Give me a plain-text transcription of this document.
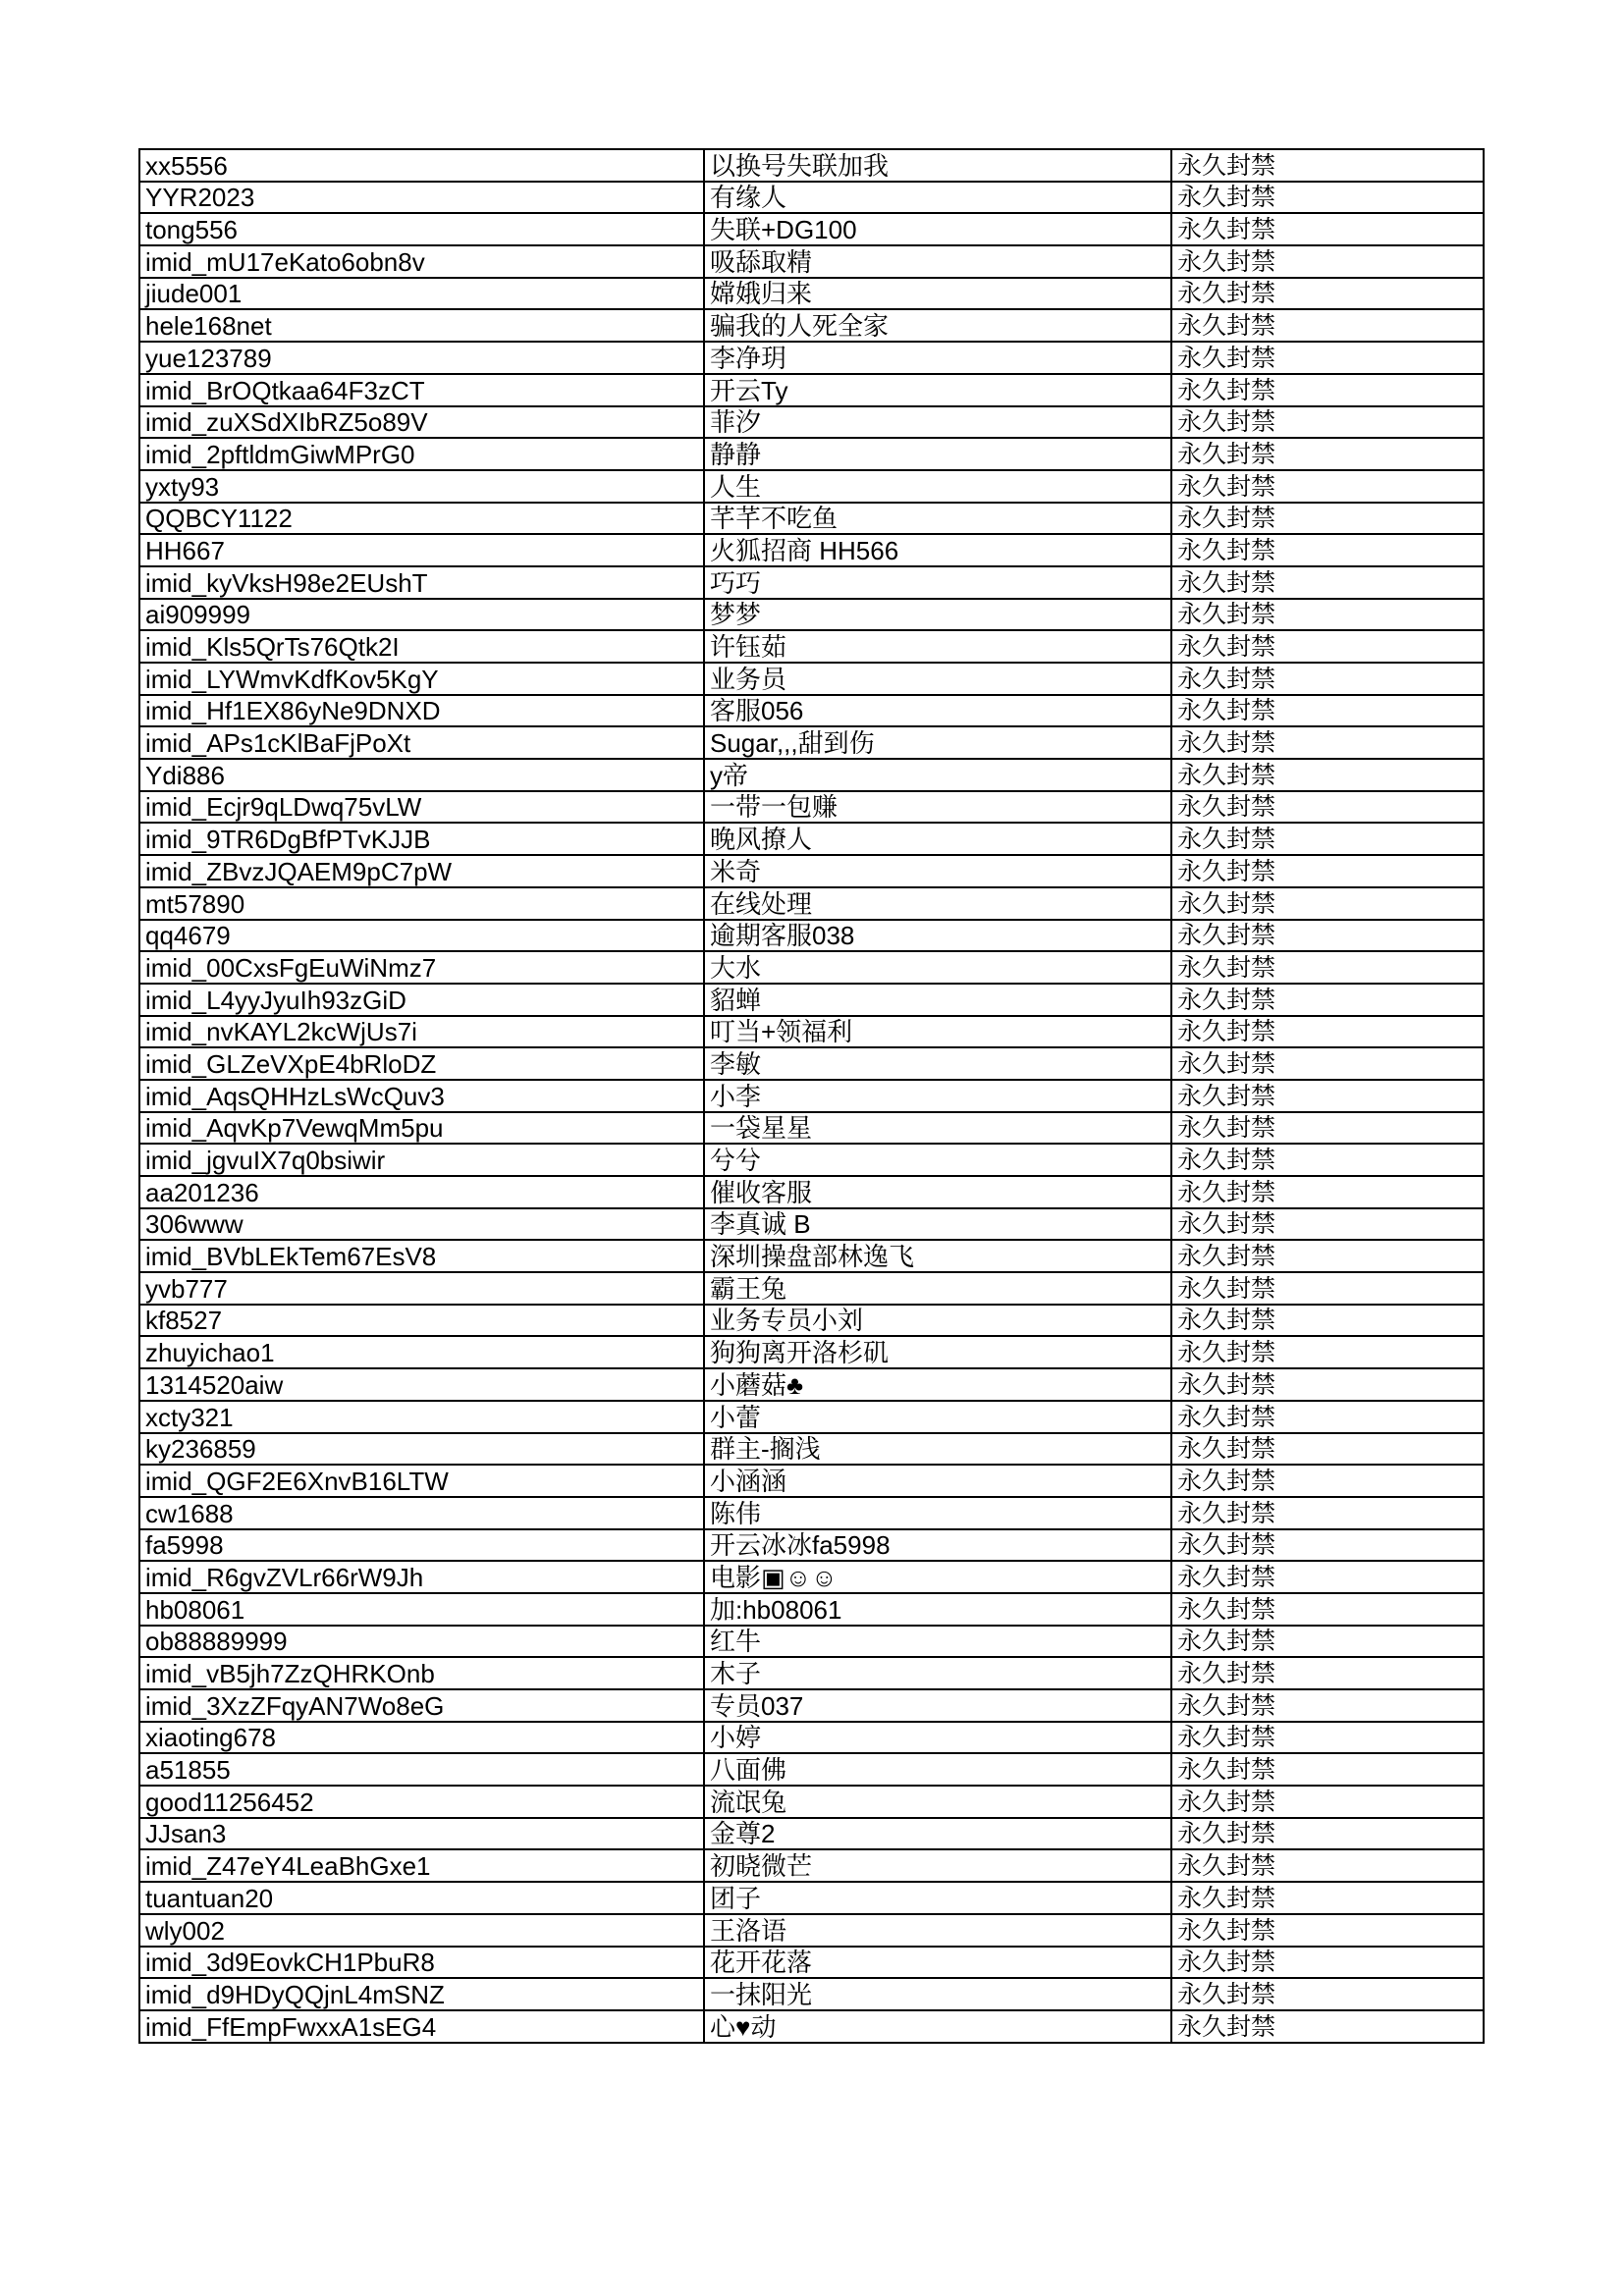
xx5556	以换号失联加我	永久封禁
YYR2023	有缘人	永久封禁
tong556	失联+DG100	永久封禁
imid_mU17eKato6obn8v	吸舔取精	永久封禁
jiude001	嫦娥归来	永久封禁
hele168net	骗我的人死全家	永久封禁
yue123789	李净玥	永久封禁
imid_BrOQtkaa64F3zCT	开云Ty	永久封禁
imid_zuXSdXIbRZ5o89V	菲汐	永久封禁
imid_2pftldmGiwMPrG0	静静	永久封禁
yxty93	人生	永久封禁
QQBCY1122	芊芊不吃鱼	永久封禁
HH667	火狐招商 HH566	永久封禁
imid_kyVksH98e2EUshT	巧巧	永久封禁
ai909999	梦梦	永久封禁
imid_Kls5QrTs76Qtk2I	许钰茹	永久封禁
imid_LYWmvKdfKov5KgY	业务员	永久封禁
imid_Hf1EX86yNe9DNXD	客服056	永久封禁
imid_APs1cKlBaFjPoXt	Sugar,,,甜到伤	永久封禁
Ydi886	y帝	永久封禁
imid_Ecjr9qLDwq75vLW	一带一包赚	永久封禁
imid_9TR6DgBfPTvKJJB	晚风撩人	永久封禁
imid_ZBvzJQAEM9pC7pW	米奇	永久封禁
mt57890	在线处理	永久封禁
qq4679	逾期客服038	永久封禁
imid_00CxsFgEuWiNmz7	大水	永久封禁
imid_L4yyJyuIh93zGiD	貂蝉	永久封禁
imid_nvKAYL2kcWjUs7i	叮当+领福利	永久封禁
imid_GLZeVXpE4bRloDZ	李敏	永久封禁
imid_AqsQHHzLsWcQuv3	小李	永久封禁
imid_AqvKp7VewqMm5pu	一袋星星	永久封禁
imid_jgvuIX7q0bsiwir	兮兮	永久封禁
aa201236	催收客服	永久封禁
306www	李真诚 B	永久封禁
imid_BVbLEkTem67EsV8	深圳操盘部林逸飞	永久封禁
yvb777	霸王兔	永久封禁
kf8527	业务专员小刘	永久封禁
zhuyichao1	狗狗离开洛杉矶	永久封禁
1314520aiw	小蘑菇♣	永久封禁
xcty321	小蕾	永久封禁
ky236859	群主-搁浅	永久封禁
imid_QGF2E6XnvB16LTW	小涵涵	永久封禁
cw1688	陈伟	永久封禁
fa5998	开云冰冰fa5998	永久封禁
imid_R6gvZVLr66rW9Jh	电影▣☺☺	永久封禁
hb08061	加:hb08061	永久封禁
ob88889999	红牛	永久封禁
imid_vB5jh7ZzQHRKOnb	木子	永久封禁
imid_3XzZFqyAN7Wo8eG	专员037	永久封禁
xiaoting678	小婷	永久封禁
a51855	八面佛	永久封禁
good11256452	流氓兔	永久封禁
JJsan3	金尊2	永久封禁
imid_Z47eY4LeaBhGxe1	初晓微芒	永久封禁
tuantuan20	团子	永久封禁
wly002	王洛语	永久封禁
imid_3d9EovkCH1PbuR8	花开花落	永久封禁
imid_d9HDyQQjnL4mSNZ	一抹阳光	永久封禁
imid_FfEmpFwxxA1sEG4	心♥动	永久封禁
